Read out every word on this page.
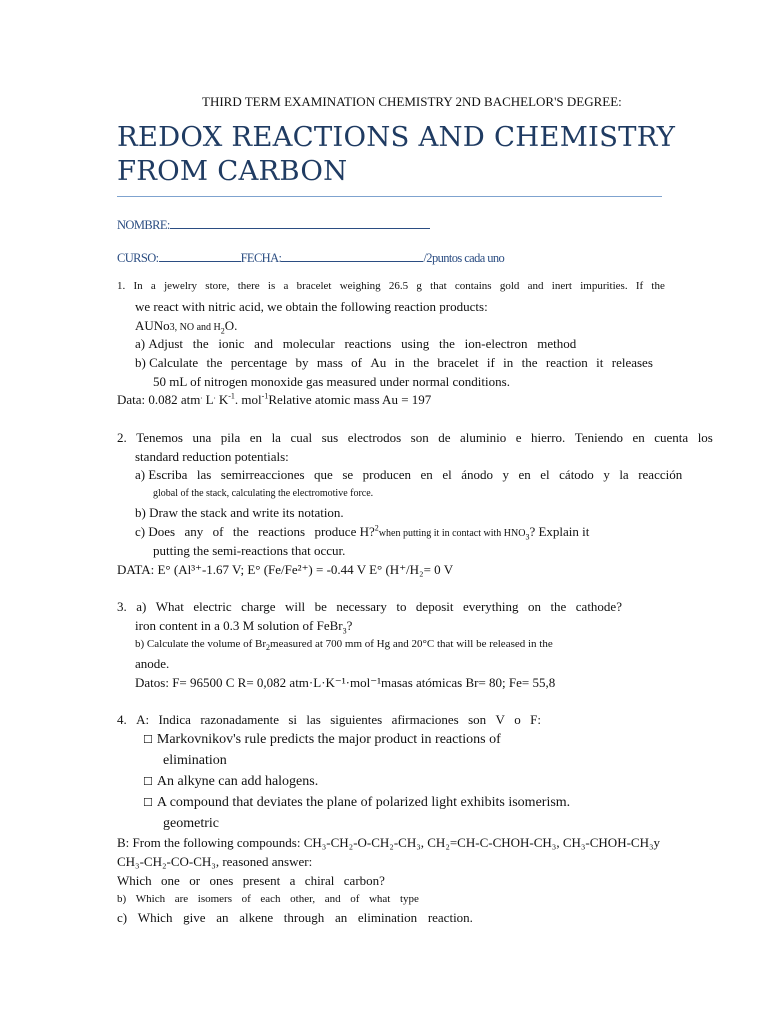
THIRD TERM EXAMINATION CHEMISTRY 2ND BACHELOR'S DEGREE:
REDOX REACTIONS AND CHEMISTRY
FROM CARBON
NOMBRE:
CURSO:	FECHA:	/2puntos cada uno
1. In a jewelry store, there is a bracelet weighing 26.5 g that contains gold and inert impurities. If the
we react with nitric acid, we obtain the following reaction products:
AUNo3, NO and $H_2O$.
a) Adjust the ionic and molecular reactions using the ion-electron method
b) Calculate the percentage by mass of Au in the bracelet if in the reaction it releases
50 mL of nitrogen monoxide gas measured under normal conditions.
Data: 0.082 atm. L. $K^{-1}$. mol$^{-1}$Relative atomic mass Au = 197
2. Tenemos una pila en la cual sus electrodos son de aluminio e hierro. Teniendo en cuenta los
standard reduction potentials:
a) Escriba las semirreacciones que se producen en el ánodo y en el cátodo y la reacción
global of the stack, calculating the electromotive force.
b) Draw the stack and write its notation.
c) Does any of the reactions produce H?$^2$when putting it in contact with $HNO_3$? Explain it
putting the semi-reactions that occur.
DATA: E° (Al³⁺-1.67 V; E° (Fe/Fe²⁺) = -0.44 V E° (H⁺/H₂= 0 V
3. a) What electric charge will be necessary to deposit everything on the cathode?
iron content in a 0.3 M solution of FeBr$_3$?
b) Calculate the volume of $Br_2measured$ at 700 mm of Hg and 20°C that will be released in the
anode.
Datos: F= 96500 C R= 0,082 atm·L·K⁻¹·mol⁻¹masas atómicas Br= 80; Fe= 55,8
4. A: Indica razonadamente si las siguientes afirmaciones son V o F:
☐ Markovnikov's rule predicts the major product in reactions of
elimination
☐ An alkyne can add halogens.
☐ A compound that deviates the plane of polarized light exhibits isomerism.
geometric
B: From the following compounds: CH₃-CH₂-O-CH₂-CH₃, CH₂=CH-C-CHOH-CH₃, CH₃-CHOH-CH₃y
CH₃-CH₂-CO-CH₃, reasoned answer:
Which one or ones present a chiral carbon?
b) Which are isomers of each other, and of what type
c) Which give an alkene through an elimination reaction.
